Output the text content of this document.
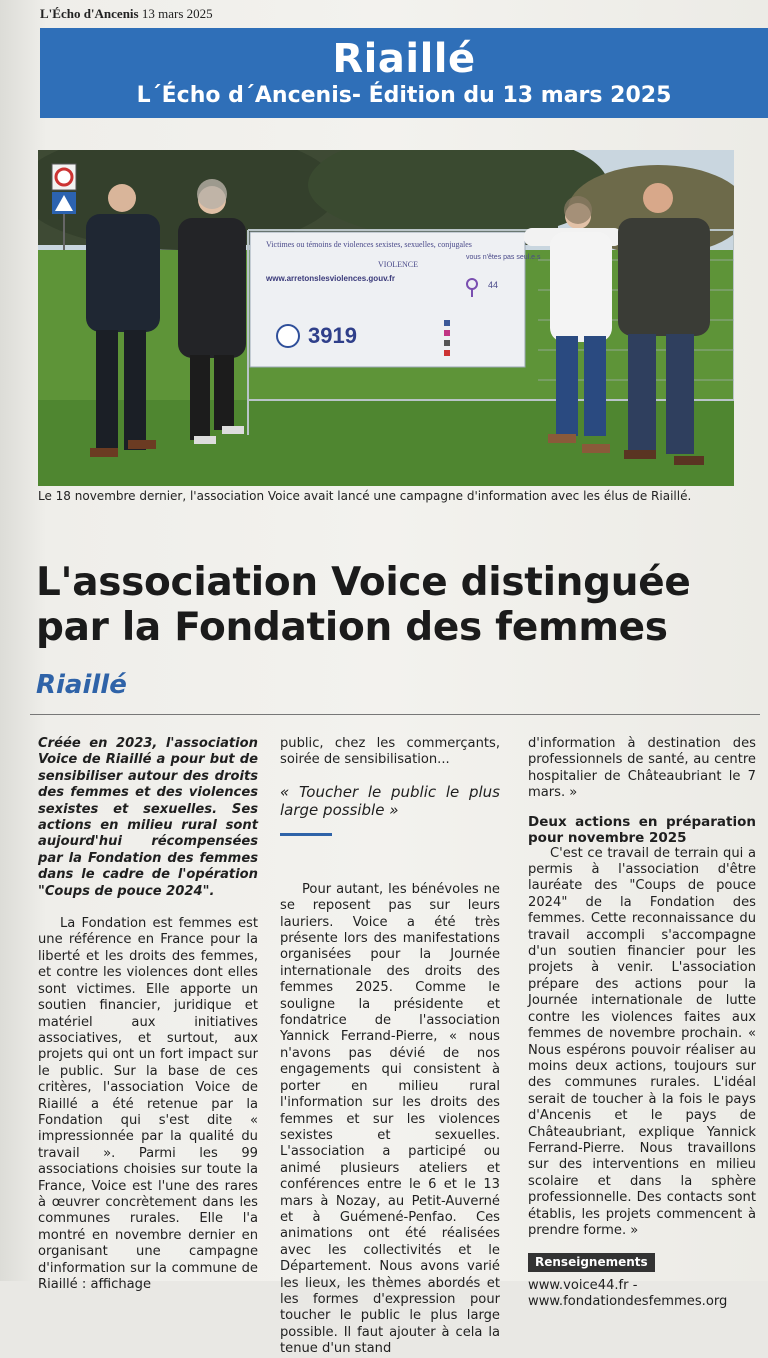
L'Écho d'Ancenis 13 mars 2025
Riaillé
L´Écho d´Ancenis- Édition du 13 mars 2025
Victimes ou témoins de violences sexistes, sexuelles, conjugales
VIOLENCE
www.arretonslesviolences.gouv.fr
vous n'êtes pas seul.e.s
44
3919
Le 18 novembre dernier, l'association Voice avait lancé une campagne d'information avec les élus de Riaillé.
L'association Voice distinguée par la Fondation des femmes
Riaillé

Créée en 2023, l'association Voice de Riaillé a pour but de sensibiliser autour des droits des femmes et des violences sexistes et sexuelles. Ses actions en milieu rural sont aujourd'hui récompensées par la Fondation des femmes dans le cadre de l'opération "Coups de pouce 2024".

La Fondation est femmes est une référence en France pour la liberté et les droits des femmes, et contre les violences dont elles sont victimes. Elle apporte un soutien financier, juridique et matériel aux initiatives associatives, et surtout, aux projets qui ont un fort impact sur le public. Sur la base de ces critères, l'association Voice de Riaillé a été retenue par la Fondation qui s'est dite « impressionnée par la qualité du travail ». Parmi les 99 associations choisies sur toute la France, Voice est l'une des rares à œuvrer concrètement dans les communes rurales. Elle l'a montré en novembre dernier en organisant une campagne d'information sur la commune de Riaillé : affichage

public, chez les commerçants, soirée de sensibilisation...

« Toucher le public le plus large possible »

Pour autant, les bénévoles ne se reposent pas sur leurs lauriers. Voice a été très présente lors des manifestations organisées pour la Journée internationale des droits des femmes 2025. Comme le souligne la présidente et fondatrice de l'association Yannick Ferrand-Pierre, « nous n'avons pas dévié de nos engagements qui consistent à porter en milieu rural l'information sur les droits des femmes et sur les violences sexistes et sexuelles. L'association a participé ou animé plusieurs ateliers et conférences entre le 6 et le 13 mars à Nozay, au Petit-Auverné et à Guémené-Penfao. Ces animations ont été réalisées avec les collectivités et le Département. Nous avons varié les lieux, les thèmes abordés et les formes d'expression pour toucher le public le plus large possible. Il faut ajouter à cela la tenue d'un stand

d'information à destination des professionnels de santé, au centre hospitalier de Châteaubriant le 7 mars. »

Deux actions en préparation pour novembre 2025

C'est ce travail de terrain qui a permis à l'association d'être lauréate des "Coups de pouce 2024" de la Fondation des femmes. Cette reconnaissance du travail accompli s'accompagne d'un soutien financier pour les projets à venir. L'association prépare des actions pour la Journée internationale de lutte contre les violences faites aux femmes de novembre prochain. « Nous espérons pouvoir réaliser au moins deux actions, toujours sur des communes rurales. L'idéal serait de toucher à la fois le pays d'Ancenis et le pays de Châteaubriant, explique Yannick Ferrand-Pierre. Nous travaillons sur des interventions en milieu scolaire et dans la sphère professionnelle. Des contacts sont établis, les projets commencent à prendre forme. »

Renseignements

www.voice44.fr - www.fondationdesfemmes.org
